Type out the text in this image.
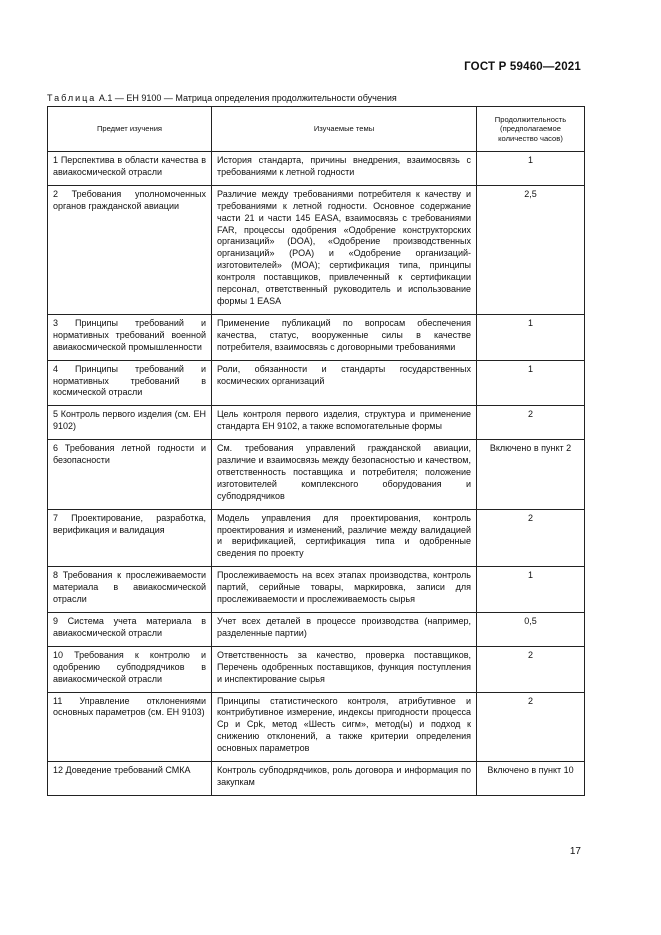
ГОСТ Р 59460—2021
Таблица А.1 — ЕН 9100 — Матрица определения продолжительности обучения
Предмет изучения	Изучаемые темы	Продолжительность (предполагаемое количество часов)
1 Перспектива в области качества в авиакосмической отрасли	История стандарта, причины внедрения, взаимосвязь с требованиями к летной годности	1
2 Требования уполномоченных органов гражданской авиации	Различие между требованиями потребителя к качеству и требованиями к летной годности. Основное содержание части 21 и части 145 EASA, взаимосвязь с требованиями FAR, процессы одобрения «Одобрение конструкторских организаций» (DOA), «Одобрение производственных организаций» (POA) и «Одобрение организаций-изготовителей» (MOA); сертификация типа, принципы контроля поставщиков, привлеченный к сертификации персонал, ответственный руководитель и использование формы 1 EASA	2,5
3 Принципы требований и нормативных требований военной авиакосмической промышленности	Применение публикаций по вопросам обеспечения качества, статус, вооруженные силы в качестве потребителя, взаимосвязь с договорными требованиями	1
4 Принципы требований и нормативных требований в космической отрасли	Роли, обязанности и стандарты государственных космических организаций	1
5 Контроль первого изделия (см. ЕН 9102)	Цель контроля первого изделия, структура и применение стандарта ЕН 9102, а также вспомогательные формы	2
6 Требования летной годности и безопасности	См. требования управлений гражданской авиации, различие и взаимосвязь между безопасностью и качеством, ответственность поставщика и потребителя; положение изготовителей комплексного оборудования и субподрядчиков	Включено в пункт 2
7 Проектирование, разработка, верификация и валидация	Модель управления для проектирования, контроль проектирования и изменений, различие между валидацией и верификацией, сертификация типа и одобренные сведения по проекту	2
8 Требования к прослеживаемости материала в авиакосмической отрасли	Прослеживаемость на всех этапах производства, контроль партий, серийные товары, маркировка, записи для прослеживаемости и прослеживаемость сырья	1
9 Система учета материала в авиакосмической отрасли	Учет всех деталей в процессе производства (например, разделенные партии)	0,5
10 Требования к контролю и одобрению субподрядчиков в авиакосмической отрасли	Ответственность за качество, проверка поставщиков, Перечень одобренных поставщиков, функция поступления и инспектирование сырья	2
11 Управление отклонениями основных параметров (см. ЕН 9103)	Принципы статистического контроля, атрибутивное и контрибутивное измерение, индексы пригодности процесса Ср и Срk, метод «Шесть сигм», метод(ы) и подход к снижению отклонений, а также критерии определения основных параметров	2
12 Доведение требований СМКА	Контроль субподрядчиков, роль договора и информация по закупкам	Включено в пункт 10
17
